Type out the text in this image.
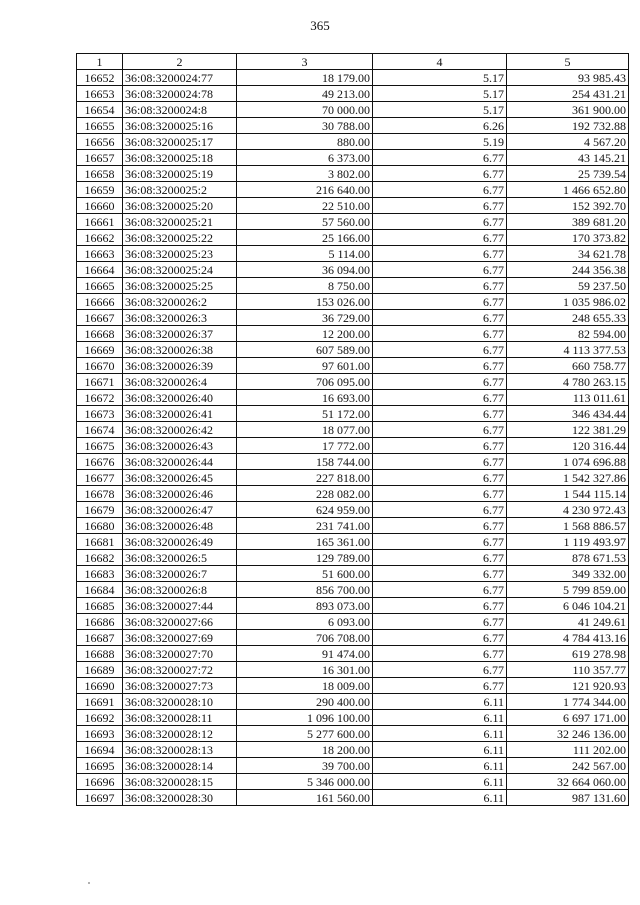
365
1	2	3	4	5
16652	36:08:3200024:77	18 179.00	5.17	93 985.43
16653	36:08:3200024:78	49 213.00	5.17	254 431.21
16654	36:08:3200024:8	70 000.00	5.17	361 900.00
16655	36:08:3200025:16	30 788.00	6.26	192 732.88
16656	36:08:3200025:17	880.00	5.19	4 567.20
16657	36:08:3200025:18	6 373.00	6.77	43 145.21
16658	36:08:3200025:19	3 802.00	6.77	25 739.54
16659	36:08:3200025:2	216 640.00	6.77	1 466 652.80
16660	36:08:3200025:20	22 510.00	6.77	152 392.70
16661	36:08:3200025:21	57 560.00	6.77	389 681.20
16662	36:08:3200025:22	25 166.00	6.77	170 373.82
16663	36:08:3200025:23	5 114.00	6.77	34 621.78
16664	36:08:3200025:24	36 094.00	6.77	244 356.38
16665	36:08:3200025:25	8 750.00	6.77	59 237.50
16666	36:08:3200026:2	153 026.00	6.77	1 035 986.02
16667	36:08:3200026:3	36 729.00	6.77	248 655.33
16668	36:08:3200026:37	12 200.00	6.77	82 594.00
16669	36:08:3200026:38	607 589.00	6.77	4 113 377.53
16670	36:08:3200026:39	97 601.00	6.77	660 758.77
16671	36:08:3200026:4	706 095.00	6.77	4 780 263.15
16672	36:08:3200026:40	16 693.00	6.77	113 011.61
16673	36:08:3200026:41	51 172.00	6.77	346 434.44
16674	36:08:3200026:42	18 077.00	6.77	122 381.29
16675	36:08:3200026:43	17 772.00	6.77	120 316.44
16676	36:08:3200026:44	158 744.00	6.77	1 074 696.88
16677	36:08:3200026:45	227 818.00	6.77	1 542 327.86
16678	36:08:3200026:46	228 082.00	6.77	1 544 115.14
16679	36:08:3200026:47	624 959.00	6.77	4 230 972.43
16680	36:08:3200026:48	231 741.00	6.77	1 568 886.57
16681	36:08:3200026:49	165 361.00	6.77	1 119 493.97
16682	36:08:3200026:5	129 789.00	6.77	878 671.53
16683	36:08:3200026:7	51 600.00	6.77	349 332.00
16684	36:08:3200026:8	856 700.00	6.77	5 799 859.00
16685	36:08:3200027:44	893 073.00	6.77	6 046 104.21
16686	36:08:3200027:66	6 093.00	6.77	41 249.61
16687	36:08:3200027:69	706 708.00	6.77	4 784 413.16
16688	36:08:3200027:70	91 474.00	6.77	619 278.98
16689	36:08:3200027:72	16 301.00	6.77	110 357.77
16690	36:08:3200027:73	18 009.00	6.77	121 920.93
16691	36:08:3200028:10	290 400.00	6.11	1 774 344.00
16692	36:08:3200028:11	1 096 100.00	6.11	6 697 171.00
16693	36:08:3200028:12	5 277 600.00	6.11	32 246 136.00
16694	36:08:3200028:13	18 200.00	6.11	111 202.00
16695	36:08:3200028:14	39 700.00	6.11	242 567.00
16696	36:08:3200028:15	5 346 000.00	6.11	32 664 060.00
16697	36:08:3200028:30	161 560.00	6.11	987 131.60
